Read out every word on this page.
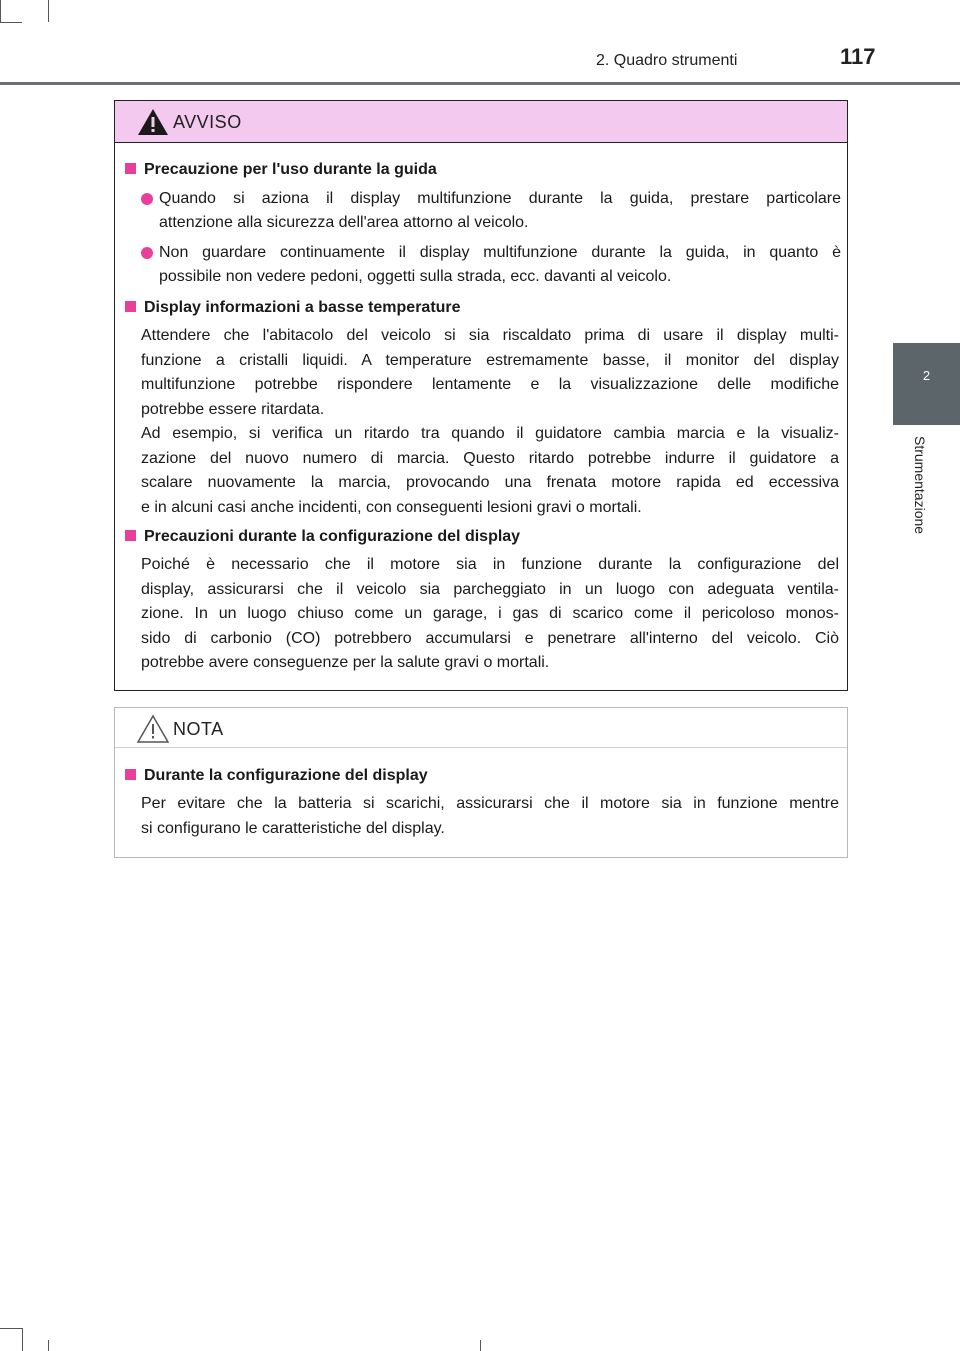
2. Quadro strumenti	117
2
Strumentazione
AVVISO
Precauzione per l'uso durante la guida
Quando si aziona il display multifunzione durante la guida, prestare particolare
attenzione alla sicurezza dell'area attorno al veicolo.
Non guardare continuamente il display multifunzione durante la guida, in quanto è
possibile non vedere pedoni, oggetti sulla strada, ecc. davanti al veicolo.
Display informazioni a basse temperature
Attendere che l'abitacolo del veicolo si sia riscaldato prima di usare il display multi-
funzione a cristalli liquidi. A temperature estremamente basse, il monitor del display
multifunzione potrebbe rispondere lentamente e la visualizzazione delle modifiche
potrebbe essere ritardata.
Ad esempio, si verifica un ritardo tra quando il guidatore cambia marcia e la visualiz-
zazione del nuovo numero di marcia. Questo ritardo potrebbe indurre il guidatore a
scalare nuovamente la marcia, provocando una frenata motore rapida ed eccessiva
e in alcuni casi anche incidenti, con conseguenti lesioni gravi o mortali.
Precauzioni durante la configurazione del display
Poiché è necessario che il motore sia in funzione durante la configurazione del
display, assicurarsi che il veicolo sia parcheggiato in un luogo con adeguata ventila-
zione. In un luogo chiuso come un garage, i gas di scarico come il pericoloso monos-
sido di carbonio (CO) potrebbero accumularsi e penetrare all'interno del veicolo. Ciò
potrebbe avere conseguenze per la salute gravi o mortali.
NOTA
Durante la configurazione del display
Per evitare che la batteria si scarichi, assicurarsi che il motore sia in funzione mentre
si configurano le caratteristiche del display.
